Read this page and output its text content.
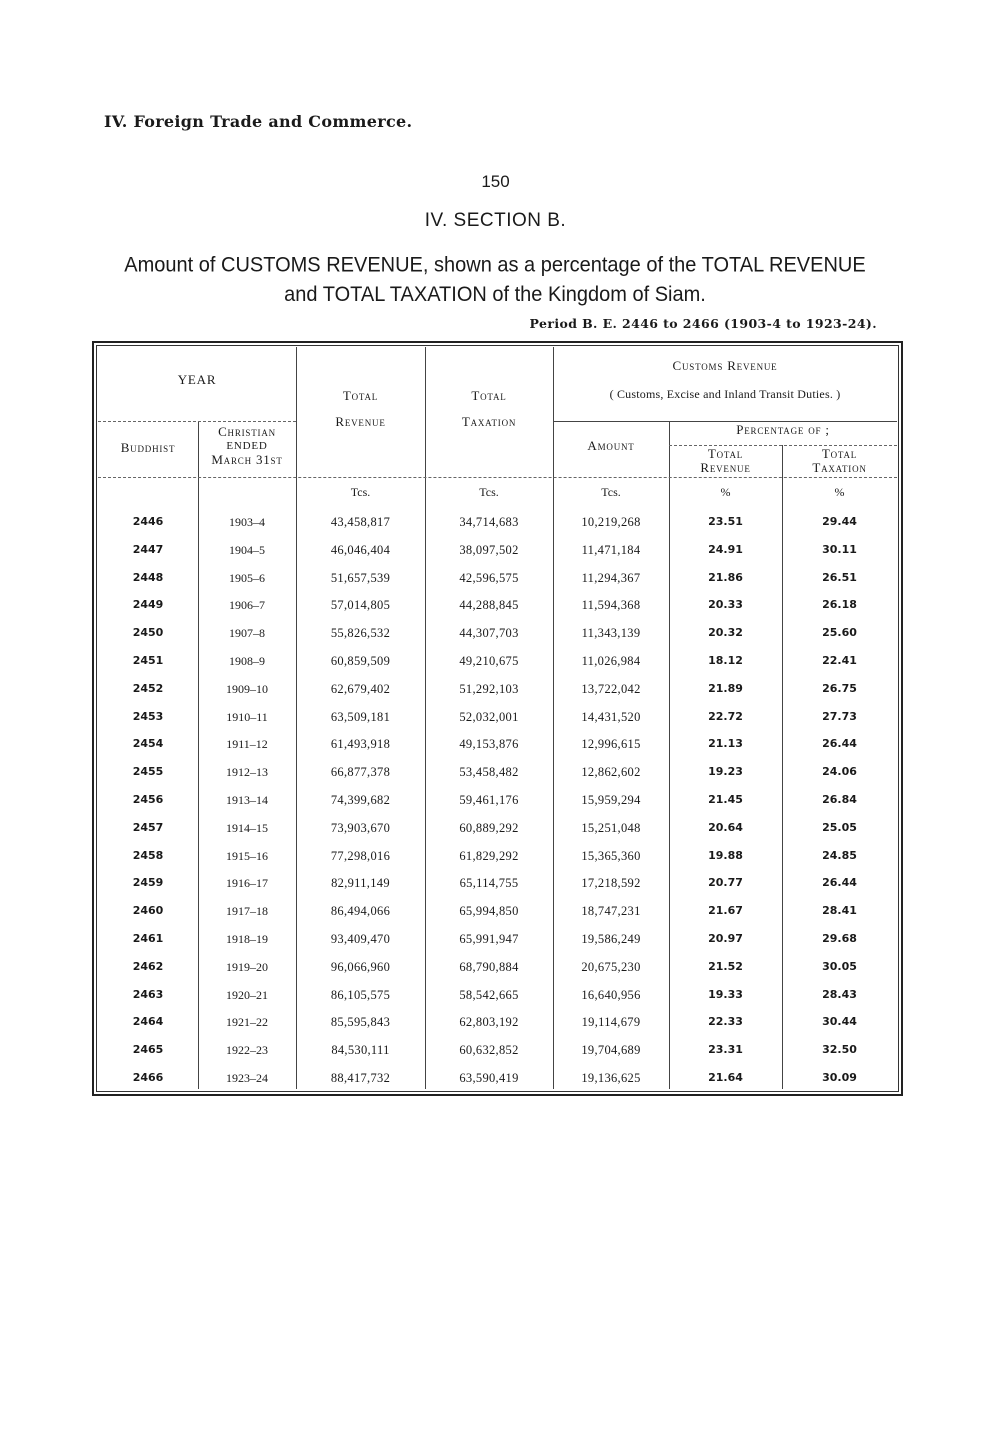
IV. Foreign Trade and Commerce.
150
IV. SECTION B.
Amount of CUSTOMS REVENUE, shown as a percentage of the TOTAL REVENUE
and TOTAL TAXATION of the Kingdom of Siam.
Period B. E. 2446 to 2466 (1903-4 to 1923-24).
YEAR
Buddhist
Christian
ENDED
March 31st
Total
Revenue
Total
Taxation
Customs Revenue
( Customs, Excise and Inland Transit Duties. )
Amount
Percentage of ;
Total
Revenue
Total
Taxation
Tcs.	Tcs.	Tcs.	%	%
2446	1903–4	43,458,817	34,714,683	10,219,268	23.51	29.44
2447	1904–5	46,046,404	38,097,502	11,471,184	24.91	30.11
2448	1905–6	51,657,539	42,596,575	11,294,367	21.86	26.51
2449	1906–7	57,014,805	44,288,845	11,594,368	20.33	26.18
2450	1907–8	55,826,532	44,307,703	11,343,139	20.32	25.60
2451	1908–9	60,859,509	49,210,675	11,026,984	18.12	22.41
2452	1909–10	62,679,402	51,292,103	13,722,042	21.89	26.75
2453	1910–11	63,509,181	52,032,001	14,431,520	22.72	27.73
2454	1911–12	61,493,918	49,153,876	12,996,615	21.13	26.44
2455	1912–13	66,877,378	53,458,482	12,862,602	19.23	24.06
2456	1913–14	74,399,682	59,461,176	15,959,294	21.45	26.84
2457	1914–15	73,903,670	60,889,292	15,251,048	20.64	25.05
2458	1915–16	77,298,016	61,829,292	15,365,360	19.88	24.85
2459	1916–17	82,911,149	65,114,755	17,218,592	20.77	26.44
2460	1917–18	86,494,066	65,994,850	18,747,231	21.67	28.41
2461	1918–19	93,409,470	65,991,947	19,586,249	20.97	29.68
2462	1919–20	96,066,960	68,790,884	20,675,230	21.52	30.05
2463	1920–21	86,105,575	58,542,665	16,640,956	19.33	28.43
2464	1921–22	85,595,843	62,803,192	19,114,679	22.33	30.44
2465	1922–23	84,530,111	60,632,852	19,704,689	23.31	32.50
2466	1923–24	88,417,732	63,590,419	19,136,625	21.64	30.09
